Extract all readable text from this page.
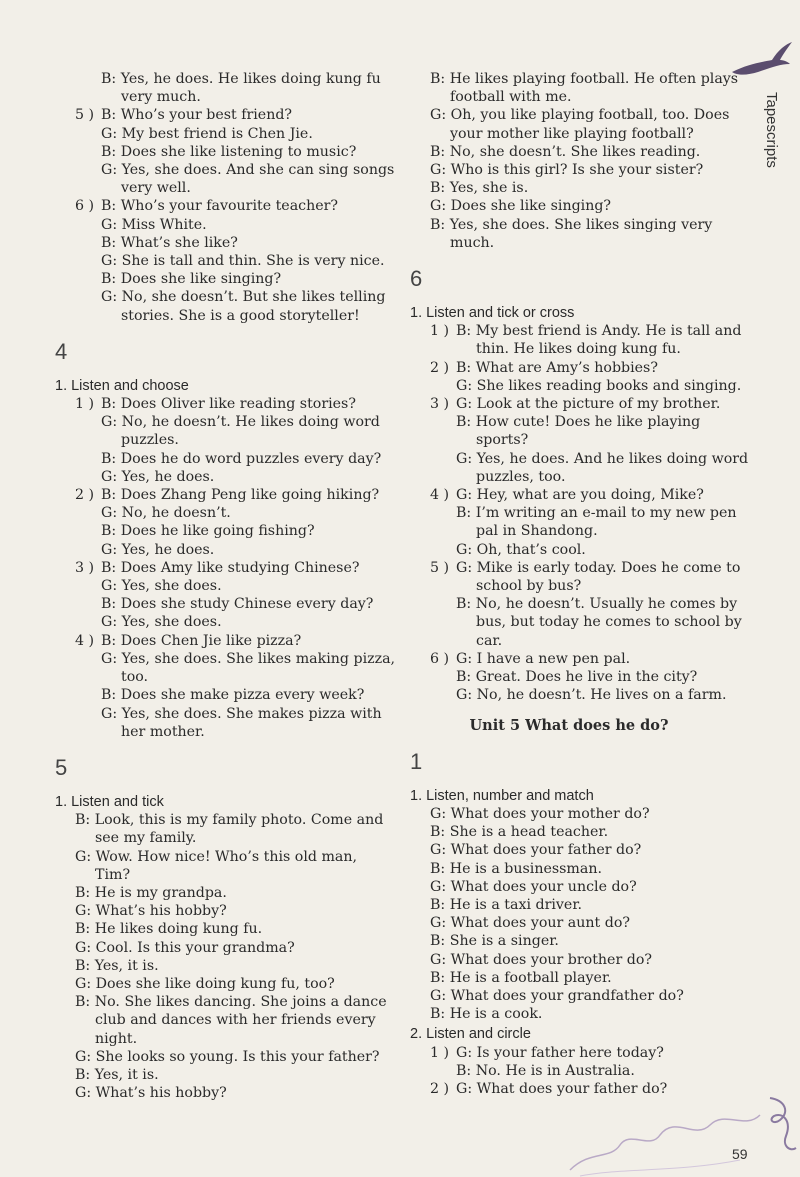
Tapescripts
B: Yes, he does. He likes doing kung fu
very much.
5 ) B: Who’s your best friend?
G: My best friend is Chen Jie.
B: Does she like listening to music?
G: Yes, she does. And she can sing songs
very well.
6 ) B: Who’s your favourite teacher?
G: Miss White.
B: What’s she like?
G: She is tall and thin. She is very nice.
B: Does she like singing?
G: No, she doesn’t. But she likes telling
stories. She is a good storyteller!
4
1. Listen and choose
1 ) B: Does Oliver like reading stories?
G: No, he doesn’t. He likes doing word
puzzles.
B: Does he do word puzzles every day?
G: Yes, he does.
2 ) B: Does Zhang Peng like going hiking?
G: No, he doesn’t.
B: Does he like going fishing?
G: Yes, he does.
3 ) B: Does Amy like studying Chinese?
G: Yes, she does.
B: Does she study Chinese every day?
G: Yes, she does.
4 ) B: Does Chen Jie like pizza?
G: Yes, she does. She likes making pizza,
too.
B: Does she make pizza every week?
G: Yes, she does. She makes pizza with
her mother.
5
1. Listen and tick
B: Look, this is my family photo. Come and
see my family.
G: Wow. How nice! Who’s this old man,
Tim?
B: He is my grandpa.
G: What’s his hobby?
B: He likes doing kung fu.
G: Cool. Is this your grandma?
B: Yes, it is.
G: Does she like doing kung fu, too?
B: No. She likes dancing. She joins a dance
club and dances with her friends every
night.
G: She looks so young. Is this your father?
B: Yes, it is.
G: What’s his hobby?
B: He likes playing football. He often plays
football with me.
G: Oh, you like playing football, too. Does
your mother like playing football?
B: No, she doesn’t. She likes reading.
G: Who is this girl? Is she your sister?
B: Yes, she is.
G: Does she like singing?
B: Yes, she does. She likes singing very
much.
6
1. Listen and tick or cross
1 ) B: My best friend is Andy. He is tall and
thin. He likes doing kung fu.
2 ) B: What are Amy’s hobbies?
G: She likes reading books and singing.
3 ) G: Look at the picture of my brother.
B: How cute! Does he like playing
sports?
G: Yes, he does. And he likes doing word
puzzles, too.
4 ) G: Hey, what are you doing, Mike?
B: I’m writing an e-mail to my new pen
pal in Shandong.
G: Oh, that’s cool.
5 ) G: Mike is early today. Does he come to
school by bus?
B: No, he doesn’t. Usually he comes by
bus, but today he comes to school by
car.
6 ) G: I have a new pen pal.
B: Great. Does he live in the city?
G: No, he doesn’t. He lives on a farm.
Unit 5 What does he do?
1
1. Listen, number and match
G: What does your mother do?
B: She is a head teacher.
G: What does your father do?
B: He is a businessman.
G: What does your uncle do?
B: He is a taxi driver.
G: What does your aunt do?
B: She is a singer.
G: What does your brother do?
B: He is a football player.
G: What does your grandfather do?
B: He is a cook.
2. Listen and circle
1 ) G: Is your father here today?
B: No. He is in Australia.
2 ) G: What does your father do?
59
